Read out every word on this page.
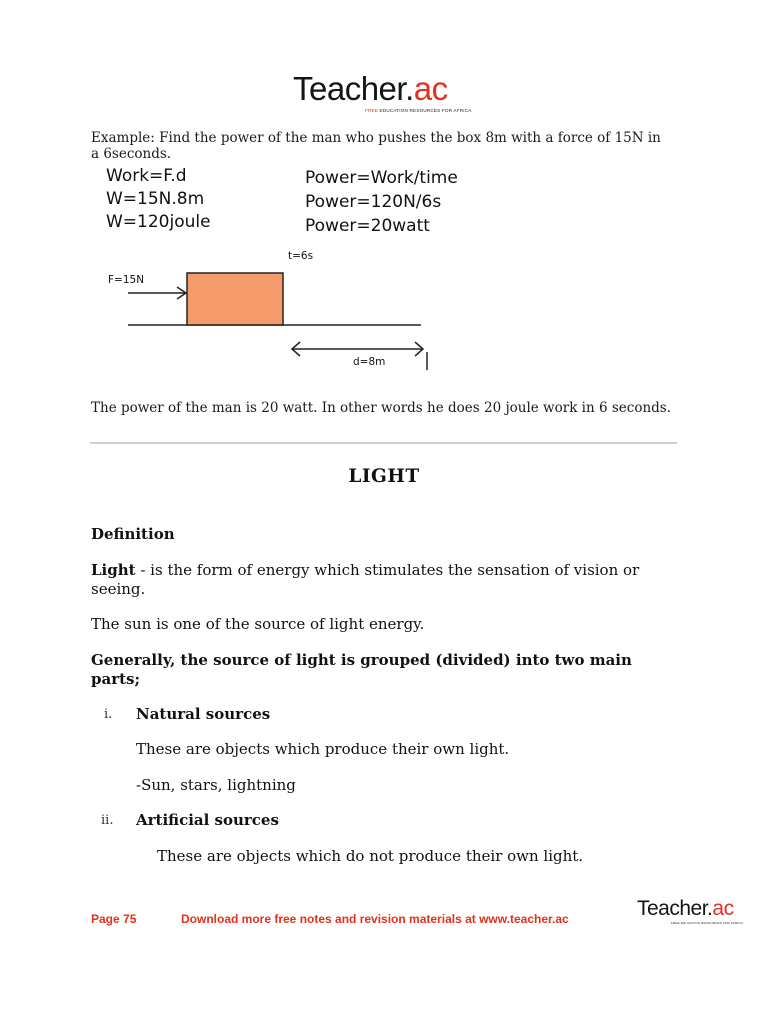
Teacher.ac
FREE EDUCATION RESOURCES FOR AFRICA
Example: Find the power of the man who pushes the box 8m with a force of 15N in a 6seconds.
Work=F.d
W=15N.8m
W=120joule
Power=Work/time
Power=120N/6s
Power=20watt
t=6s
F=15N
d=8m
The power of the man is 20 watt. In other words he does 20 joule work in 6 seconds.
LIGHT
Definition
Light - is the form of energy which stimulates the sensation of vision or seeing.
The sun is one of the source of light energy.
Generally, the source of light is grouped (divided) into two main parts;
i. Natural sources
These are objects which produce their own light.
-Sun, stars, lightning
ii. Artificial sources
These are objects which do not produce their own light.
Page 75	Download more free notes and revision materials at www.teacher.ac	Teacher.ac
FREE EDUCATION RESOURCES FOR AFRICA
